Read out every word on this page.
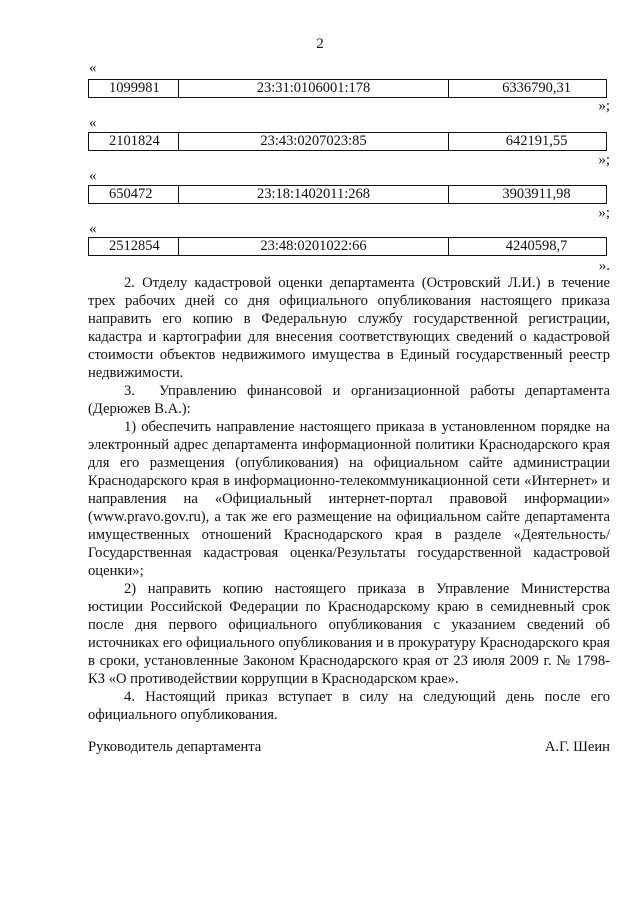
2
«
1099981	23:31:0106001:178	6336790,31
»;
«
2101824	23:43:0207023:85	642191,55
»;
«
650472	23:18:1402011:268	3903911,98
»;
«
2512854	23:48:0201022:66	4240598,7
».

2. Отделу кадастровой оценки департамента (Островский Л.И.) в течение трех рабочих дней со дня официального опубликования настоящего приказа направить его копию в Федеральную службу государственной регистрации, кадастра и картографии для внесения соответствующих сведений о кадастровой стоимости объектов недвижимого имущества в Единый государственный реестр недвижимости.

3. Управлению финансовой и организационной работы департамента (Дерюжев В.А.):

1) обеспечить направление настоящего приказа в установленном порядке на электронный адрес департамента информационной политики Краснодарского края для его размещения (опубликования) на официальном сайте администрации Краснодарского края в информационно-телекоммуникационной сети «Интернет» и направления на «Официальный интернет-портал правовой информации» (www.pravo.gov.ru), а так же его размещение на официальном сайте департамента имущественных отношений Краснодарского края в разделе «Деятельность/Государственная кадастровая оценка/Результаты государственной кадастровой оценки»;

2) направить копию настоящего приказа в Управление Министерства юстиции Российской Федерации по Краснодарскому краю в семидневный срок после дня первого официального опубликования с указанием сведений об источниках его официального опубликования и в прокуратуру Краснодарского края в сроки, установленные Законом Краснодарского края от 23 июля 2009 г. № 1798-КЗ «О противодействии коррупции в Краснодарском крае».

4. Настоящий приказ вступает в силу на следующий день после его официального опубликования.

Руководитель департамента	А.Г. Шеин
